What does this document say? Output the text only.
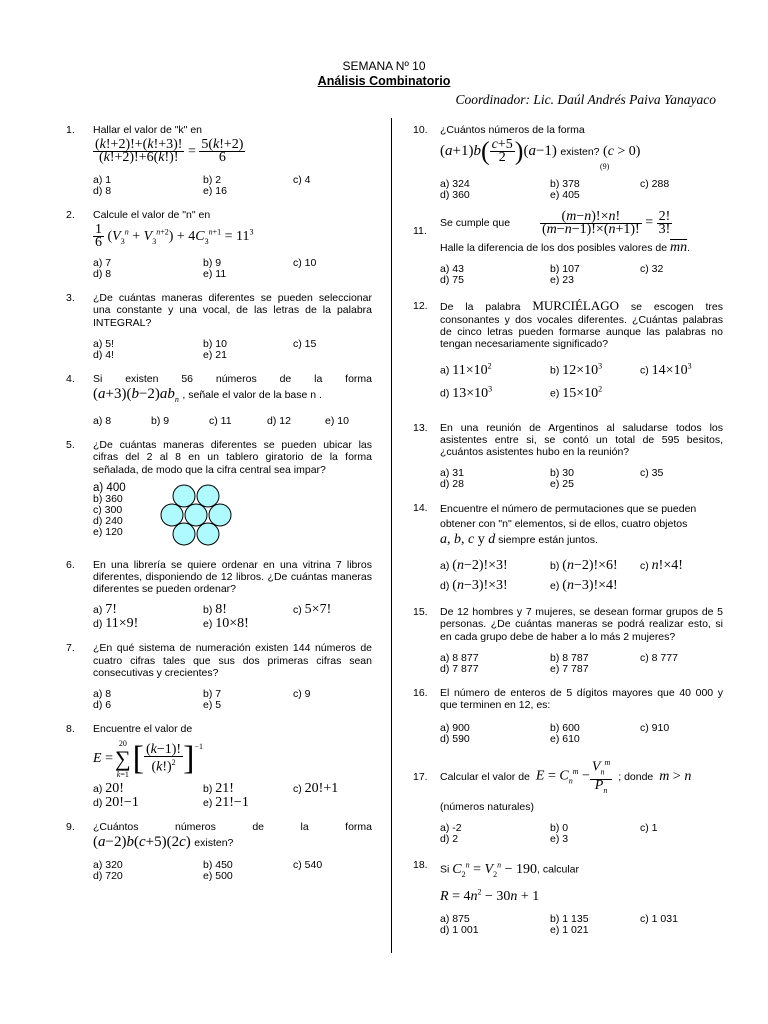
SEMANA Nº 10
Análisis Combinatorio
Coordinador: Lic. Daúl Andrés Paiva Yanayaco
1. Hallar el valor de "k" en
$\frac{(k!+2)!+(k!+3)!}{(k!+2)!+6(k!)!} = \frac{5(k!+2)}{6}$
a) 1	b) 2	c) 4
d) 8	e) 16
2. Calcule el valor de "n" en
$\frac{1}{6} (V_3^n + V_3^{n+2}) + 4C_3^{n+1} = 11^3$
a) 7	b) 9	c) 10
d) 8	e) 11
3. ¿De cuántas maneras diferentes se pueden seleccionar una constante y una vocal, de las letras de la palabra INTEGRAL?
a) 5!	b) 10	c) 15
d) 4!	e) 21
4. Si existen 56 números de la forma
$(a+3)(b-2)ab_n$ , señale el valor de la base n .
a) 8	b) 9	c) 11	d) 12	e) 10
5. ¿De cuántas maneras diferentes se pueden ubicar las cifras del 2 al 8 en un tablero giratorio de la forma señalada, de modo que la cifra central sea impar?
a) 400
b) 360
c) 300
d) 240
e) 120
6. En una librería se quiere ordenar en una vitrina 7 libros diferentes, disponiendo de 12 libros. ¿De cuántas maneras diferentes se pueden ordenar?
a) 7!	b) 8!	c) 5×7!
d) 11×9!	e) 10×8!
7. ¿En qué sistema de numeración existen 144 números de cuatro cifras tales que sus dos primeras cifras sean consecutivas y crecientes?
a) 8	b) 7	c) 9
d) 6	e) 5
8. Encuentre el valor de
E =
20
∑
k=1 [ $\frac{(k-1)!}{(k!)^2}$ ] −1
a) 20!	b) 21!	c) 20!+1
d) 20!−1	e) 21!−1
9. ¿Cuántos números de la forma
(a−2)b(c+5)(2c) existen?
a) 320	b) 450	c) 540
d) 720	e) 500
10. ¿Cuántos números de la forma
$(a+1)b( \frac{c+5}{2} )(a-1)$ existen? (c > 0)
(9)
a) 324	b) 378	c) 288
d) 360	e) 405
11.
Se cumple que	$\frac{(m-n)!\times n!}{(m-n-1)!\times(n+1)!} = \frac{2!}{3!}$
Halle la diferencia de los dos posibles valores de $\overline{mn}$.
a) 43	b) 107	c) 32
d) 75	e) 23
12. De la palabra MURCIÉLAGO se escogen tres consonantes y dos vocales diferentes. ¿Cuántas palabras de cinco letras pueden formarse aunque las palabras no tengan necesariamente significado?
a) $11\times 10^2$	b) $12\times 10^3$	c) $14\times 10^3$
d) $13\times 10^3$	e) $15\times 10^2$
13. En una reunión de Argentinos al saludarse todos los asistentes entre si, se contó un total de 595 besitos, ¿cuántos asistentes hubo en la reunión?
a) 31	b) 30	c) 35
d) 28	e) 25
14. Encuentre el número de permutaciones que se pueden obtener con "n" elementos, si de ellos, cuatro objetos
a, b, c y d siempre están juntos.
a) (n−2)!×3!	b) (n−2)!×6!	c) n!×4!
d) (n−3)!×3!	e) (n−3)!×4!
15. De 12 hombres y 7 mujeres, se desean formar grupos de 5 personas. ¿De cuántas maneras se podrá realizar esto, si en cada grupo debe de haber a lo más 2 mujeres?
a) 8 877	b) 8 787	c) 8 777
d) 7 877	e) 7 787
16. El número de enteros de 5 dígitos mayores que 40 000 y que terminen en 12, es:
a) 900	b) 600	c) 910
d) 590	e) 610
17. Calcular el valor de $E = C_n^m - \frac{V_n^m}{P_n}$ ; donde m > n
(números naturales)
a) -2	b) 0	c) 1
d) 2	e) 3
18. Si $C_2^n = V_2^n - 190$, calcular
$R = 4n^2 - 30n + 1$
a) 875	b) 1 135	c) 1 031
d) 1 001	e) 1 021
